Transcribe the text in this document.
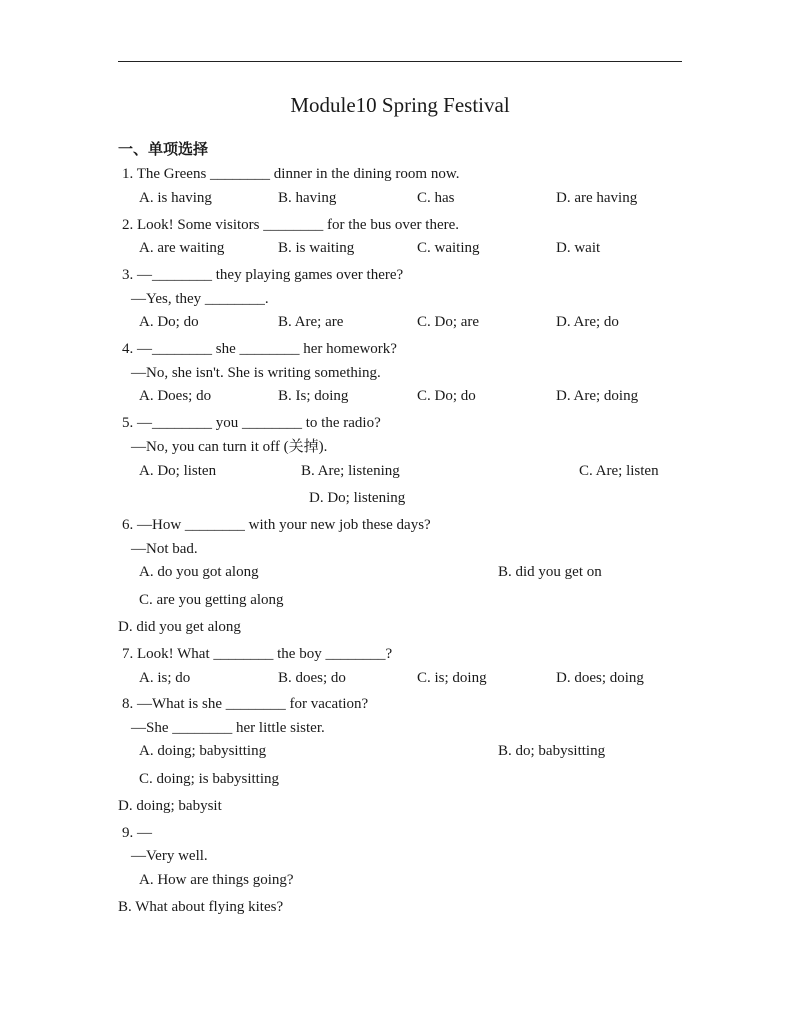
Module10 Spring Festival
一、单项选择
1. The Greens ________ dinner in the dining room now.
A. is having	B. having	C. has	D. are having
2. Look! Some visitors ________ for the bus over there.
A. are waiting	B. is waiting	C. waiting	D. wait
3. —________ they playing games over there?
—Yes, they ________.
A. Do; do	B. Are; are	C. Do; are	D. Are; do
4. —________ she ________ her homework?
—No, she isn't. She is writing something.
A. Does; do	B. Is; doing	C. Do; do	D. Are; doing
5. —________ you ________ to the radio?
—No, you can turn it off (关掉).
A. Do; listen	B. Are; listening	C. Are; listen
D. Do; listening
6. —How ________ with your new job these days?
—Not bad.
A. do you got along	B. did you get on
C. are you getting along
D. did you get along
7. Look! What ________ the boy ________?
A. is; do	B. does; do	C. is; doing	D. does; doing
8. —What is she ________ for vacation?
—She ________ her little sister.
A. doing; babysitting	B. do; babysitting
C. doing; is babysitting
D. doing; babysit
9. —
—Very well.
A. How are things going?
B. What about flying kites?
